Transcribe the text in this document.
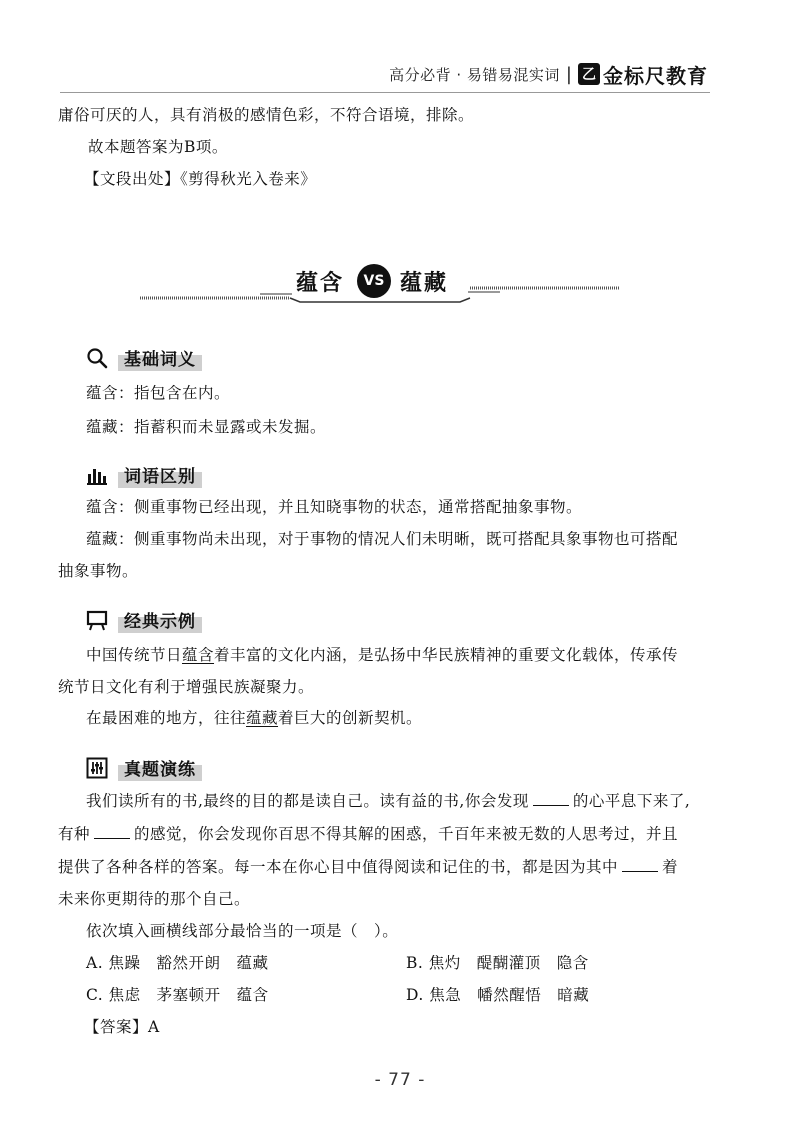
高分必背 · 易错易混实词 | 乙 金标尺教育
庸俗可厌的人，具有消极的感情色彩，不符合语境，排除。
故本题答案为B项。
【文段出处】《剪得秋光入卷来》
蕴含	VS 蕴藏
基础词义
蕴含：指包含在内。
蕴藏：指蓄积而未显露或未发掘。
词语区别
蕴含：侧重事物已经出现，并且知晓事物的状态，通常搭配抽象事物。
蕴藏：侧重事物尚未出现，对于事物的情况人们未明晰，既可搭配具象事物也可搭配
抽象事物。
经典示例
中国传统节日蕴含着丰富的文化内涵，是弘扬中华民族精神的重要文化载体，传承传
统节日文化有利于增强民族凝聚力。
在最困难的地方，往往蕴藏着巨大的创新契机。
真题演练
我们读所有的书,最终的目的都是读自己。读有益的书,你会发现	的心平息下来了,
有种	的感觉，你会发现你百思不得其解的困惑，千百年来被无数的人思考过，并且
提供了各种各样的答案。每一本在你心目中值得阅读和记住的书，都是因为其中	着
未来你更期待的那个自己。
依次填入画横线部分最恰当的一项是（　）。
A. 焦躁　豁然开朗　蕴藏	B. 焦灼　醍醐灌顶　隐含
C. 焦虑　茅塞顿开　蕴含	D. 焦急　幡然醒悟　暗藏
【答案】A
- 77 -
